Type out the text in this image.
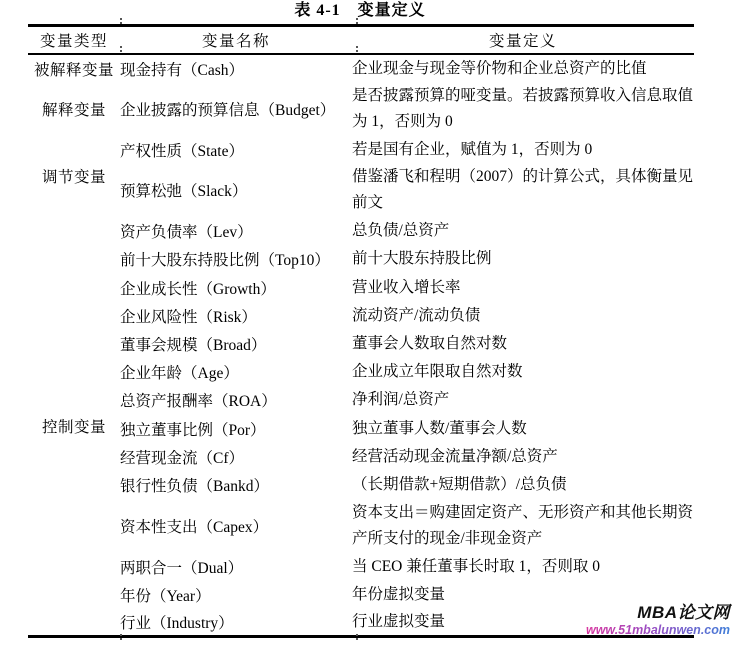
表 4-1　变量定义
变量类型	变量名称	变量定义
被解释变量	现金持有（Cash）	企业现金与现金等价物和企业总资产的比值
解释变量	企业披露的预算信息（Budget）	是否披露预算的哑变量。若披露预算收入信息取值为 1，否则为 0
调节变量	产权性质（State）	若是国有企业，赋值为 1，否则为 0
	预算松弛（Slack）	借鉴潘飞和程明（2007）的计算公式，具体衡量见前文
控制变量	资产负债率（Lev）	总负债/总资产
	前十大股东持股比例（Top10）	前十大股东持股比例
	企业成长性（Growth）	营业收入增长率
	企业风险性（Risk）	流动资产/流动负债
	董事会规模（Broad）	董事会人数取自然对数
	企业年龄（Age）	企业成立年限取自然对数
	总资产报酬率（ROA）	净利润/总资产
	独立董事比例（Por）	独立董事人数/董事会人数
	经营现金流（Cf）	经营活动现金流量净额/总资产
	银行性负债（Bankd）	（长期借款+短期借款）/总负债
	资本性支出（Capex）	资本支出＝购建固定资产、无形资产和其他长期资产所支付的现金/非现金资产
	两职合一（Dual）	当 CEO 兼任董事长时取 1，否则取 0
	年份（Year）	年份虚拟变量
	行业（Industry）	行业虚拟变量	MBA论文网
www.51mbalunwen.com
